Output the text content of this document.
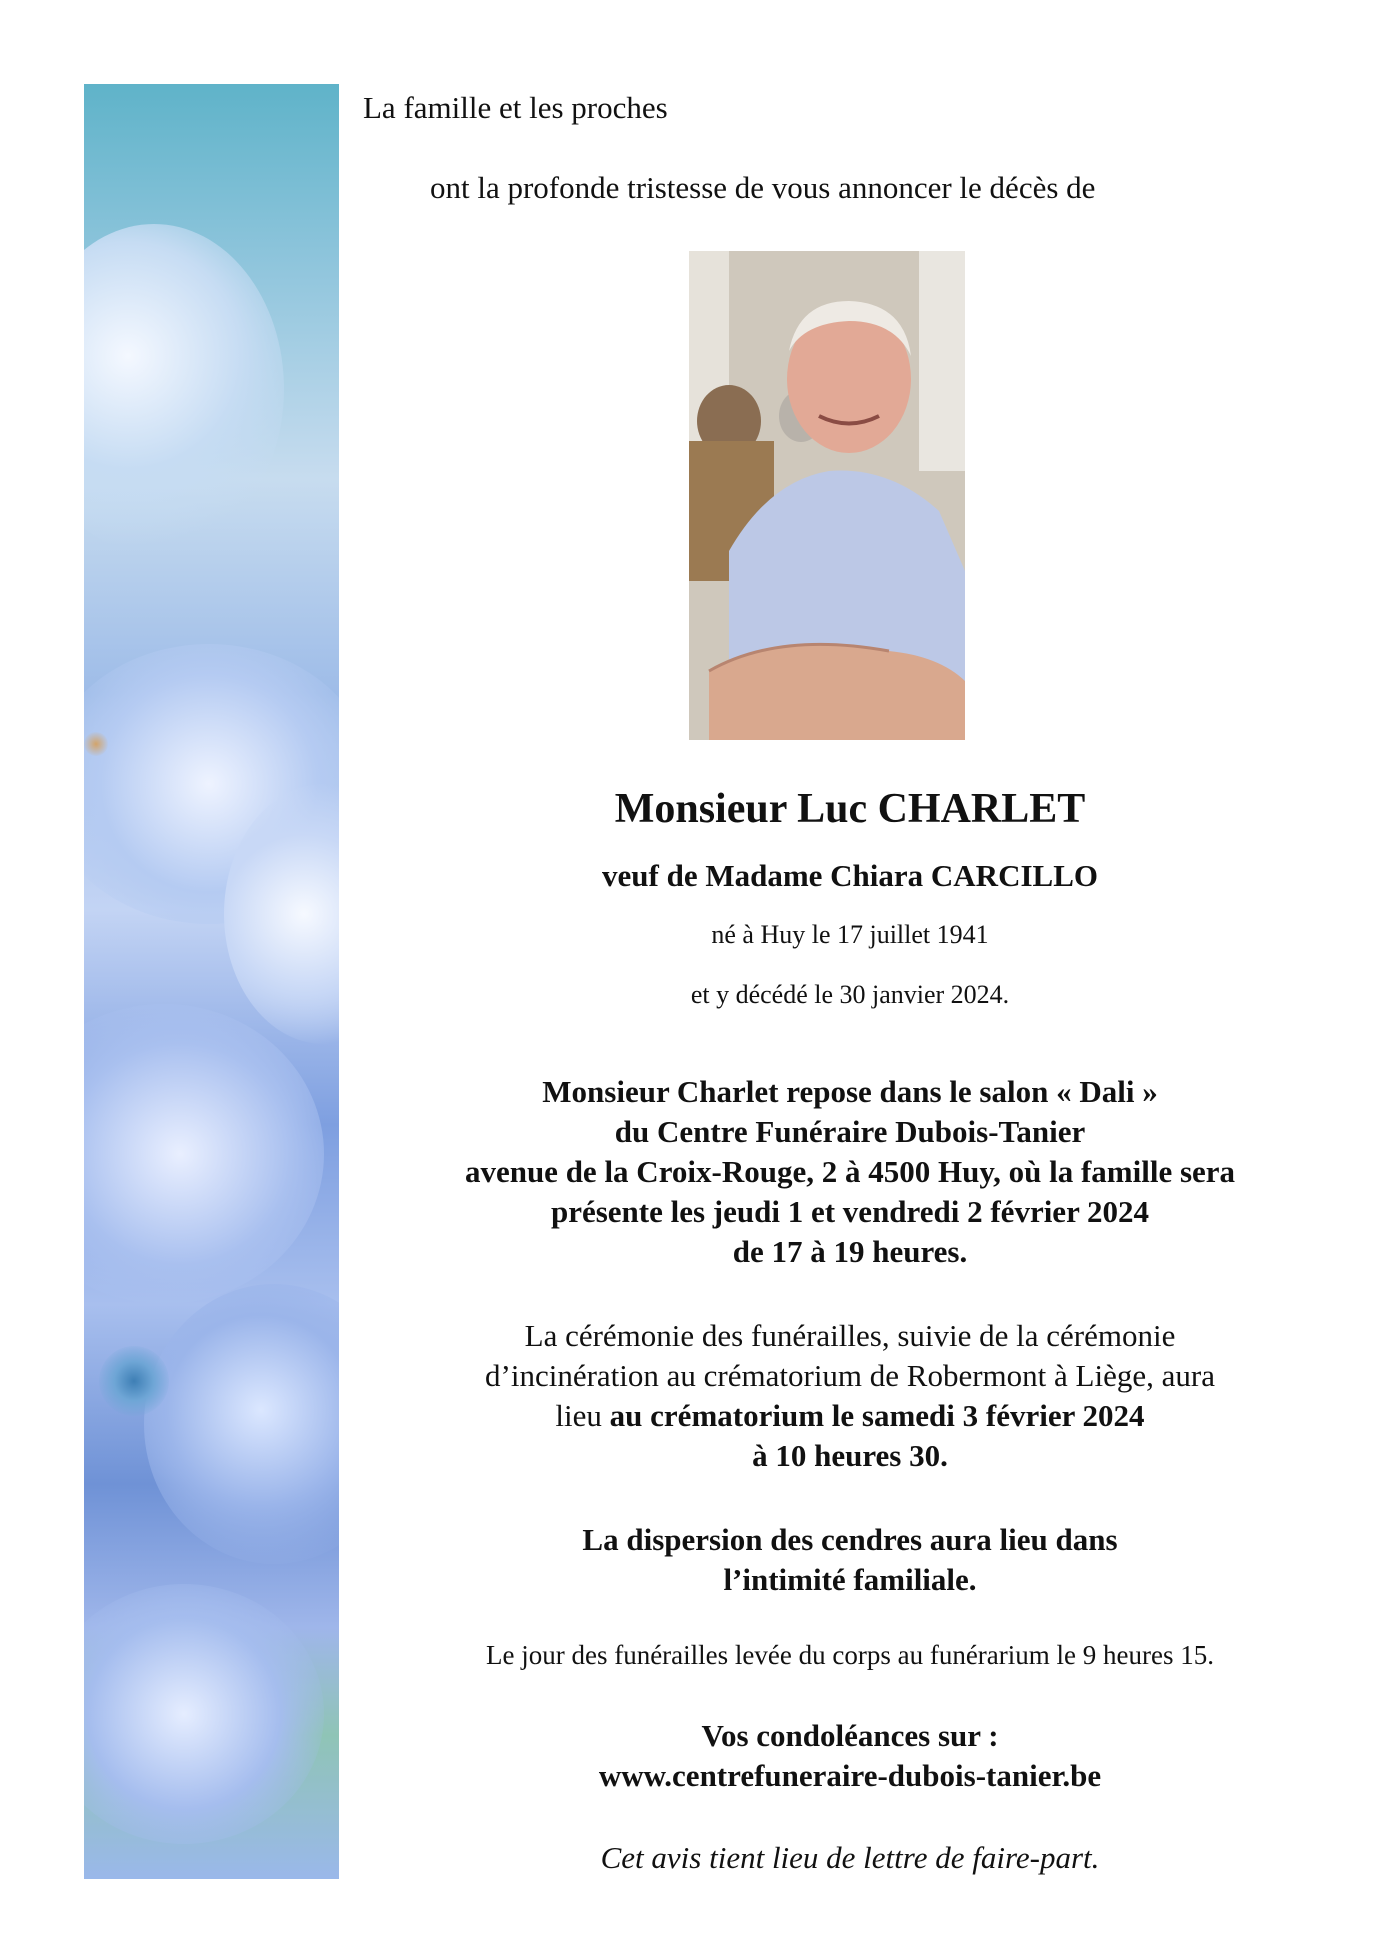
La famille et les proches
ont la profonde tristesse de vous annoncer le décès de
Monsieur Luc CHARLET
veuf de Madame Chiara CARCILLO
né à Huy le 17 juillet 1941
et y décédé le 30 janvier 2024.
Monsieur Charlet repose dans le salon « Dali »
du Centre Funéraire Dubois-Tanier
avenue de la Croix-Rouge, 2 à 4500 Huy, où la famille sera
présente les jeudi 1 et vendredi 2 février 2024
de 17 à 19 heures.
La cérémonie des funérailles, suivie de la cérémonie
d’incinération au crématorium de Robermont à Liège, aura
lieu au crématorium le samedi 3 février 2024
à 10 heures 30.
La dispersion des cendres aura lieu dans
l’intimité familiale.
Le jour des funérailles levée du corps au funérarium le 9 heures 15.
Vos condoléances sur :
www.centrefuneraire-dubois-tanier.be
Cet avis tient lieu de lettre de faire-part.
